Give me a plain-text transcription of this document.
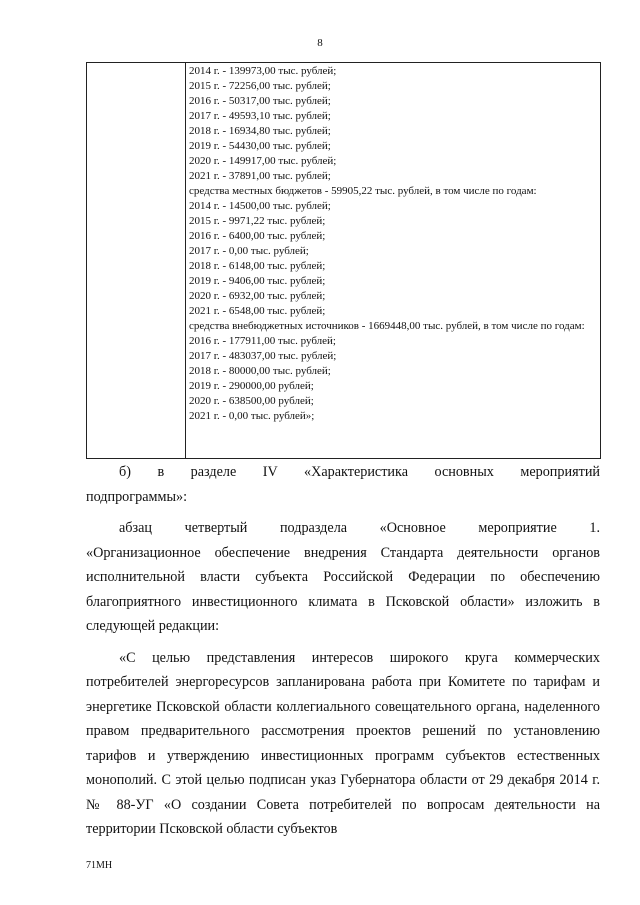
8
2014 г. - 139973,00 тыс. рублей;
2015 г. - 72256,00 тыс. рублей;
2016 г. - 50317,00 тыс. рублей;
2017 г. - 49593,10 тыс. рублей;
2018 г. - 16934,80 тыс. рублей;
2019 г. - 54430,00 тыс. рублей;
2020 г. - 149917,00 тыс. рублей;
2021 г. - 37891,00 тыс. рублей;
средства местных бюджетов - 59905,22 тыс. рублей, в том числе по годам:
2014 г. - 14500,00 тыс. рублей;
2015 г. - 9971,22 тыс. рублей;
2016 г. - 6400,00 тыс. рублей;
2017 г. - 0,00 тыс. рублей;
2018 г. - 6148,00 тыс. рублей;
2019 г. - 9406,00 тыс. рублей;
2020 г. - 6932,00 тыс. рублей;
2021 г. - 6548,00 тыс. рублей;
средства внебюджетных источников - 1669448,00 тыс. рублей, в том числе по годам:
2016 г. - 177911,00 тыс. рублей;
2017 г. - 483037,00 тыс. рублей;
2018 г. - 80000,00 тыс. рублей;
2019 г. - 290000,00 рублей;
2020 г. - 638500,00 рублей;
2021 г. - 0,00 тыс. рублей»;

б) в разделе IV «Характеристика основных мероприятий

подпрограммы»:

абзац четвертый подраздела «Основное мероприятие 1.

«Организационное обеспечение внедрения Стандарта деятельности органов исполнительной власти субъекта Российской Федерации по обеспечению благоприятного инвестиционного климата в Псковской области» изложить в следующей редакции:

«С целью представления интересов широкого круга коммерческих потребителей энергоресурсов запланирована работа при Комитете по тарифам и энергетике Псковской области коллегиального совещательного органа, наделенного правом предварительного рассмотрения проектов решений по установлению тарифов и утверждению инвестиционных программ субъектов естественных монополий. С этой целью подписан указ Губернатора области от 29 декабря 2014 г. № 88-УГ «О создании Совета потребителей по вопросам деятельности на территории Псковской области субъектов

71МН
